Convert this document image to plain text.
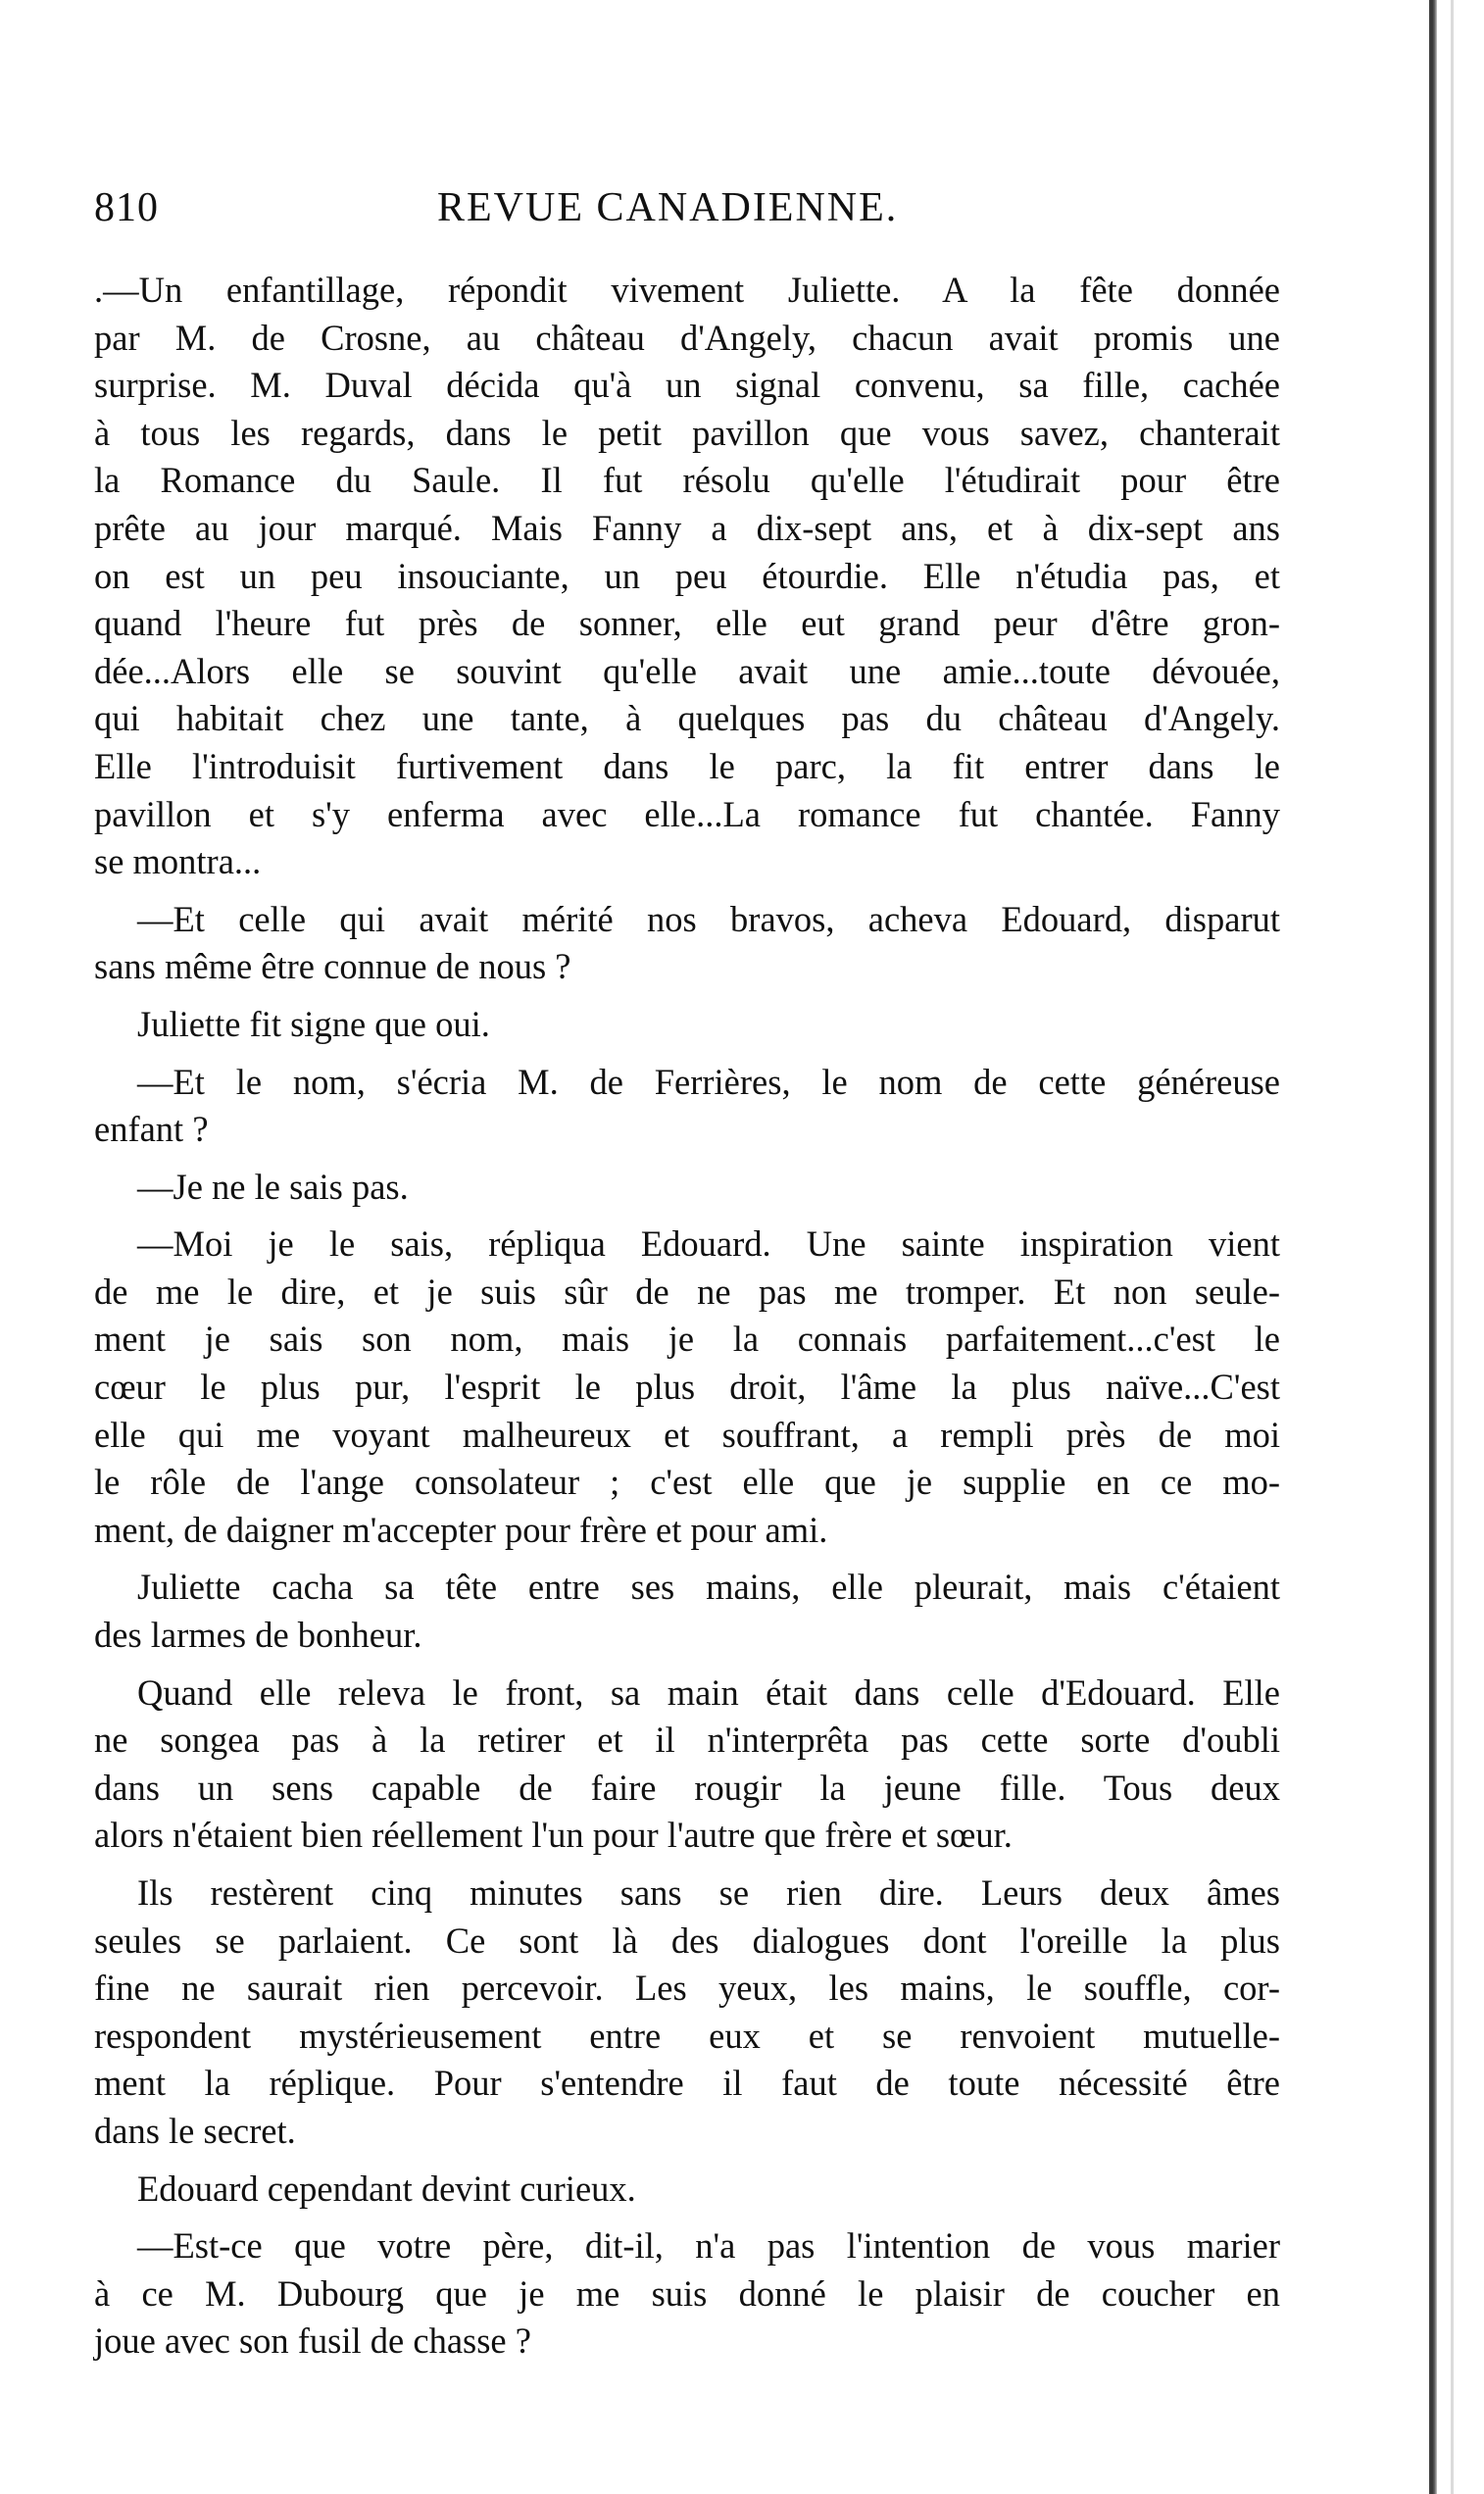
810	REVUE CANADIENNE.
.—Un enfantillage, répondit vivement Juliette. A la fête donnée
par M. de Crosne, au château d'Angely, chacun avait promis une
surprise. M. Duval décida qu'à un signal convenu, sa fille, cachée
à tous les regards, dans le petit pavillon que vous savez, chanterait
la Romance du Saule. Il fut résolu qu'elle l'étudirait pour être
prête au jour marqué. Mais Fanny a dix-sept ans, et à dix-sept ans
on est un peu insouciante, un peu étourdie. Elle n'étudia pas, et
quand l'heure fut près de sonner, elle eut grand peur d'être gron-
dée...Alors elle se souvint qu'elle avait une amie...toute dévouée,
qui habitait chez une tante, à quelques pas du château d'Angely.
Elle l'introduisit furtivement dans le parc, la fit entrer dans le
pavillon et s'y enferma avec elle...La romance fut chantée. Fanny
se montra...
—Et celle qui avait mérité nos bravos, acheva Edouard, disparut
sans même être connue de nous ?
Juliette fit signe que oui.
—Et le nom, s'écria M. de Ferrières, le nom de cette généreuse
enfant ?
—Je ne le sais pas.
—Moi je le sais, répliqua Edouard. Une sainte inspiration vient
de me le dire, et je suis sûr de ne pas me tromper. Et non seule-
ment je sais son nom, mais je la connais parfaitement...c'est le
cœur le plus pur, l'esprit le plus droit, l'âme la plus naïve...C'est
elle qui me voyant malheureux et souffrant, a rempli près de moi
le rôle de l'ange consolateur ; c'est elle que je supplie en ce mo-
ment, de daigner m'accepter pour frère et pour ami.
Juliette cacha sa tête entre ses mains, elle pleurait, mais c'étaient
des larmes de bonheur.
Quand elle releva le front, sa main était dans celle d'Edouard. Elle
ne songea pas à la retirer et il n'interprêta pas cette sorte d'oubli
dans un sens capable de faire rougir la jeune fille. Tous deux
alors n'étaient bien réellement l'un pour l'autre que frère et sœur.
Ils restèrent cinq minutes sans se rien dire. Leurs deux âmes
seules se parlaient. Ce sont là des dialogues dont l'oreille la plus
fine ne saurait rien percevoir. Les yeux, les mains, le souffle, cor-
respondent mystérieusement entre eux et se renvoient mutuelle-
ment la réplique. Pour s'entendre il faut de toute nécessité être
dans le secret.
Edouard cependant devint curieux.
—Est-ce que votre père, dit-il, n'a pas l'intention de vous marier
à ce M. Dubourg que je me suis donné le plaisir de coucher en
joue avec son fusil de chasse ?
